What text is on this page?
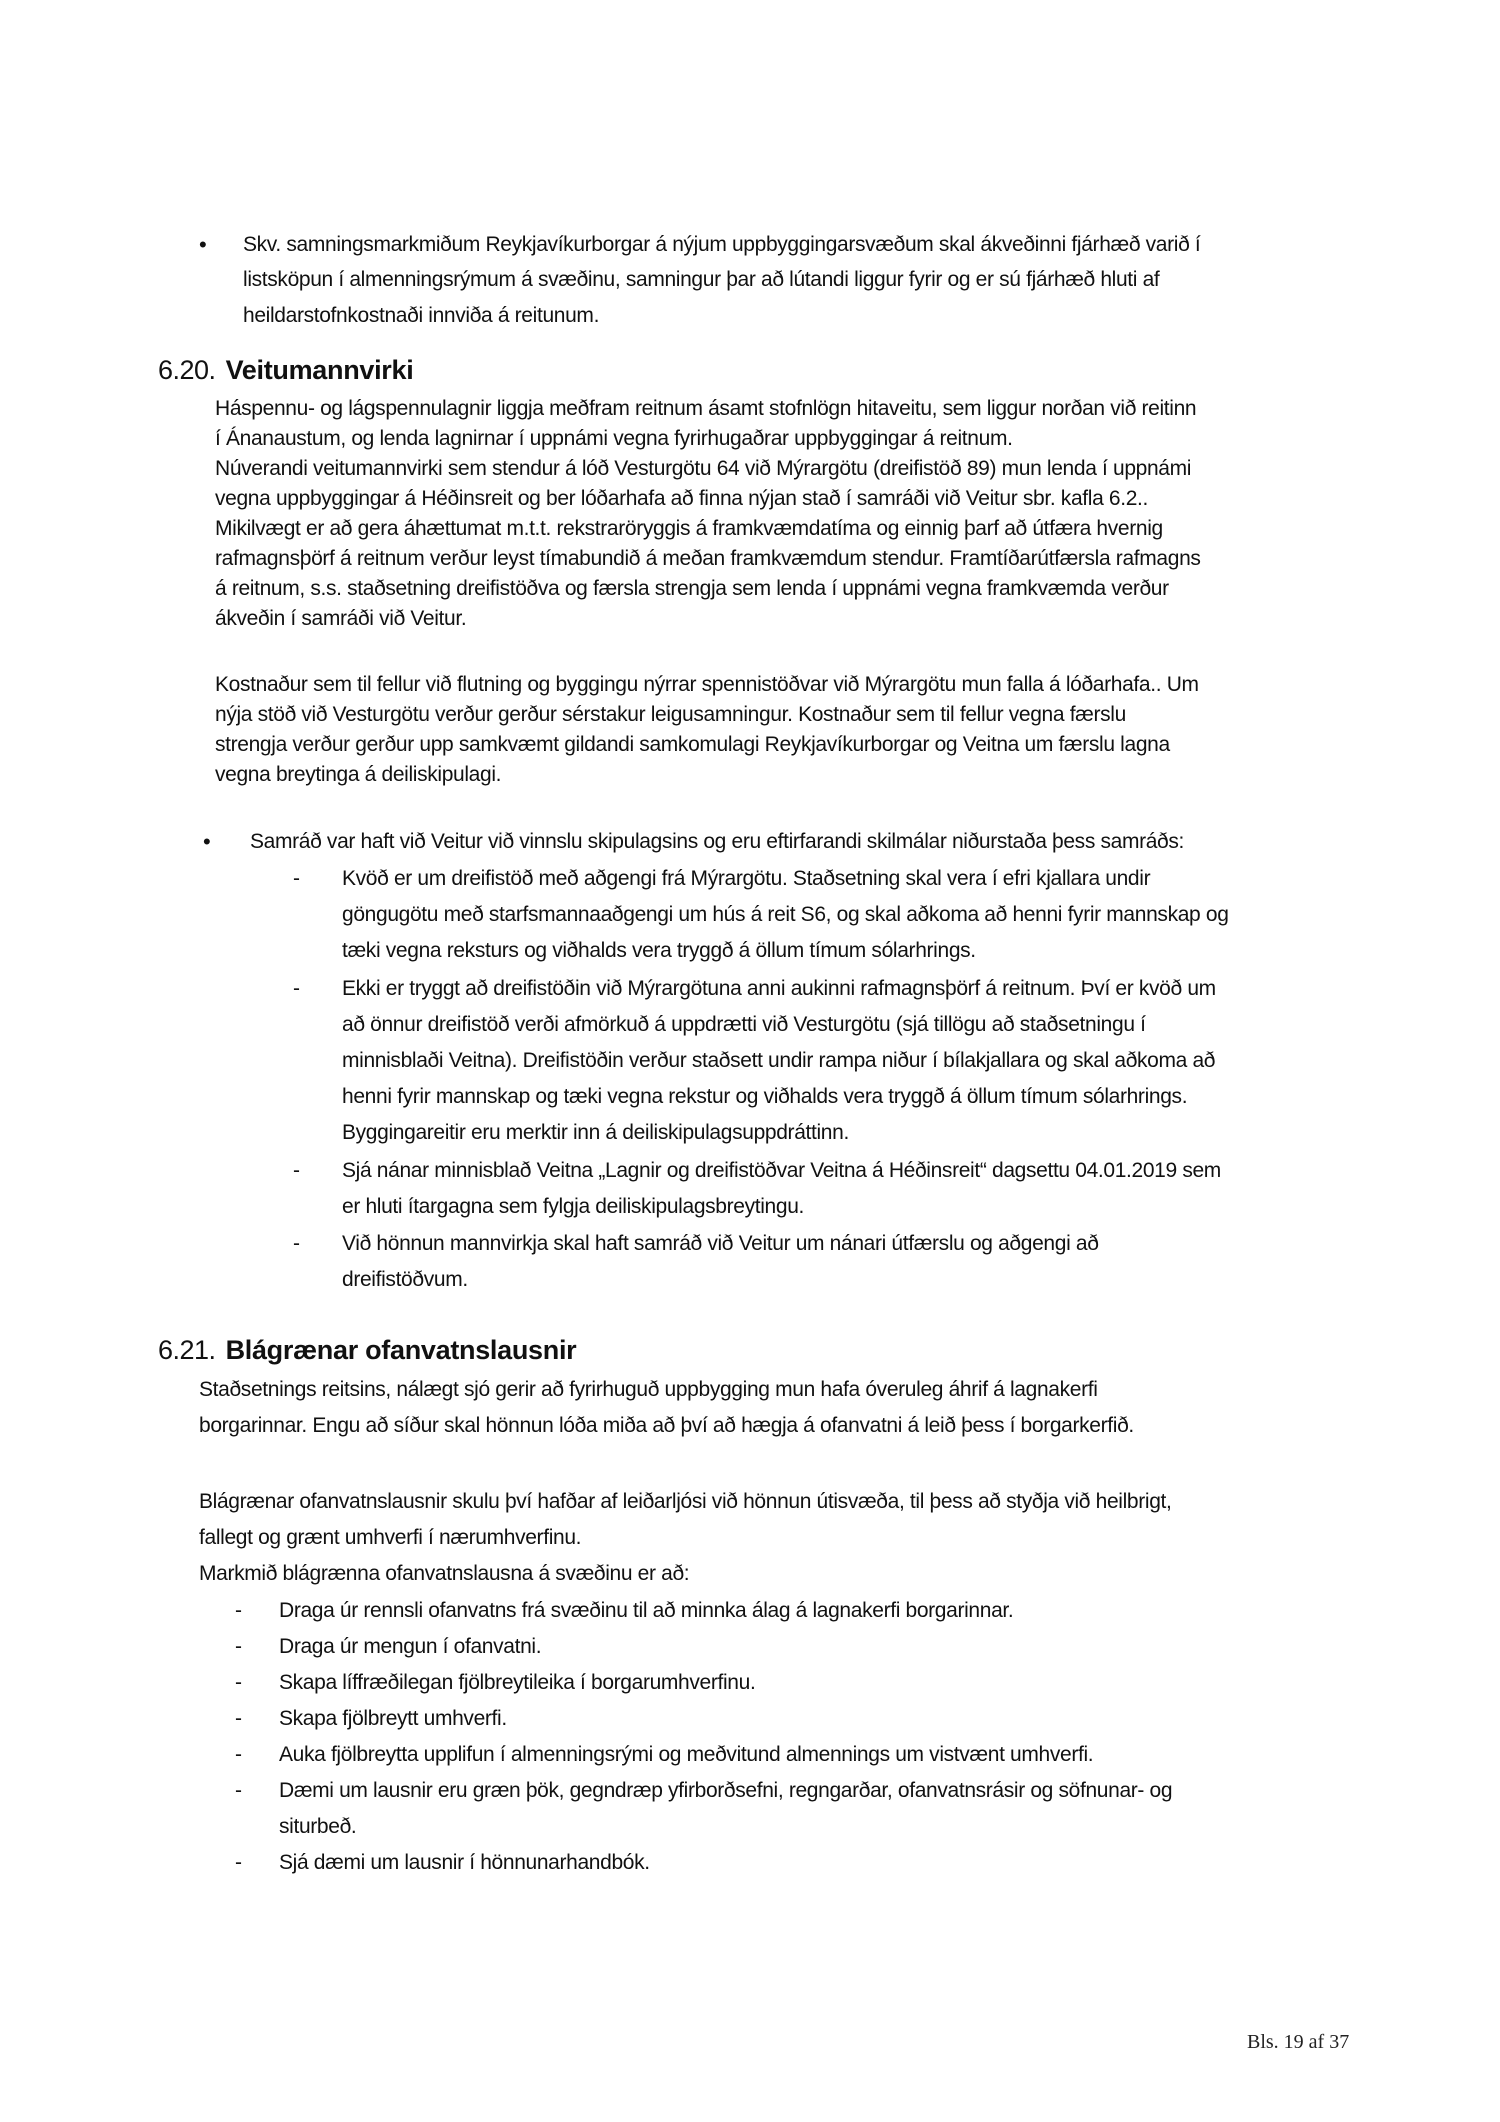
• Skv. samningsmarkmiðum Reykjavíkurborgar á nýjum uppbyggingarsvæðum skal ákveðinni fjárhæð varið í
listsköpun í almenningsrýmum á svæðinu, samningur þar að lútandi liggur fyrir og er sú fjárhæð hluti af
heildarstofnkostnaði innviða á reitunum.
6.20. Veitumannvirki
Háspennu- og lágspennulagnir liggja meðfram reitnum ásamt stofnlögn hitaveitu, sem liggur norðan við reitinn
í Ánanaustum, og lenda lagnirnar í uppnámi vegna fyrirhugaðrar uppbyggingar á reitnum.
Núverandi veitumannvirki sem stendur á lóð Vesturgötu 64 við Mýrargötu (dreifistöð 89) mun lenda í uppnámi
vegna uppbyggingar á Héðinsreit og ber lóðarhafa að finna nýjan stað í samráði við Veitur sbr. kafla 6.2..
Mikilvægt er að gera áhættumat m.t.t. rekstraröryggis á framkvæmdatíma og einnig þarf að útfæra hvernig
rafmagnsþörf á reitnum verður leyst tímabundið á meðan framkvæmdum stendur. Framtíðarútfærsla rafmagns
á reitnum, s.s. staðsetning dreifistöðva og færsla strengja sem lenda í uppnámi vegna framkvæmda verður
ákveðin í samráði við Veitur.
Kostnaður sem til fellur við flutning og byggingu nýrrar spennistöðvar við Mýrargötu mun falla á lóðarhafa.. Um
nýja stöð við Vesturgötu verður gerður sérstakur leigusamningur. Kostnaður sem til fellur vegna færslu
strengja verður gerður upp samkvæmt gildandi samkomulagi Reykjavíkurborgar og Veitna um færslu lagna
vegna breytinga á deiliskipulagi.
• Samráð var haft við Veitur við vinnslu skipulagsins og eru eftirfarandi skilmálar niðurstaða þess samráðs:
- Kvöð er um dreifistöð með aðgengi frá Mýrargötu. Staðsetning skal vera í efri kjallara undir
göngugötu með starfsmannaaðgengi um hús á reit S6, og skal aðkoma að henni fyrir mannskap og
tæki vegna reksturs og viðhalds vera tryggð á öllum tímum sólarhrings.
- Ekki er tryggt að dreifistöðin við Mýrargötuna anni aukinni rafmagnsþörf á reitnum. Því er kvöð um
að önnur dreifistöð verði afmörkuð á uppdrætti við Vesturgötu (sjá tillögu að staðsetningu í
minnisblaði Veitna). Dreifistöðin verður staðsett undir rampa niður í bílakjallara og skal aðkoma að
henni fyrir mannskap og tæki vegna rekstur og viðhalds vera tryggð á öllum tímum sólarhrings.
Byggingareitir eru merktir inn á deiliskipulagsuppdráttinn.
- Sjá nánar minnisblað Veitna „Lagnir og dreifistöðvar Veitna á Héðinsreit“ dagsettu 04.01.2019 sem
er hluti ítargagna sem fylgja deiliskipulagsbreytingu.
- Við hönnun mannvirkja skal haft samráð við Veitur um nánari útfærslu og aðgengi að
dreifistöðvum.
6.21. Blágrænar ofanvatnslausnir
Staðsetnings reitsins, nálægt sjó gerir að fyrirhuguð uppbygging mun hafa óveruleg áhrif á lagnakerfi
borgarinnar. Engu að síður skal hönnun lóða miða að því að hægja á ofanvatni á leið þess í borgarkerfið.
Blágrænar ofanvatnslausnir skulu því hafðar af leiðarljósi við hönnun útisvæða, til þess að styðja við heilbrigt,
fallegt og grænt umhverfi í nærumhverfinu.
Markmið blágrænna ofanvatnslausna á svæðinu er að:
- Draga úr rennsli ofanvatns frá svæðinu til að minnka álag á lagnakerfi borgarinnar.
- Draga úr mengun í ofanvatni.
- Skapa líffræðilegan fjölbreytileika í borgarumhverfinu.
- Skapa fjölbreytt umhverfi.
- Auka fjölbreytta upplifun í almenningsrými og meðvitund almennings um vistvænt umhverfi.
- Dæmi um lausnir eru græn þök, gegndræp yfirborðsefni, regngarðar, ofanvatnsrásir og söfnunar- og
siturbeð.
- Sjá dæmi um lausnir í hönnunarhandbók.
Bls. 19 af 37
